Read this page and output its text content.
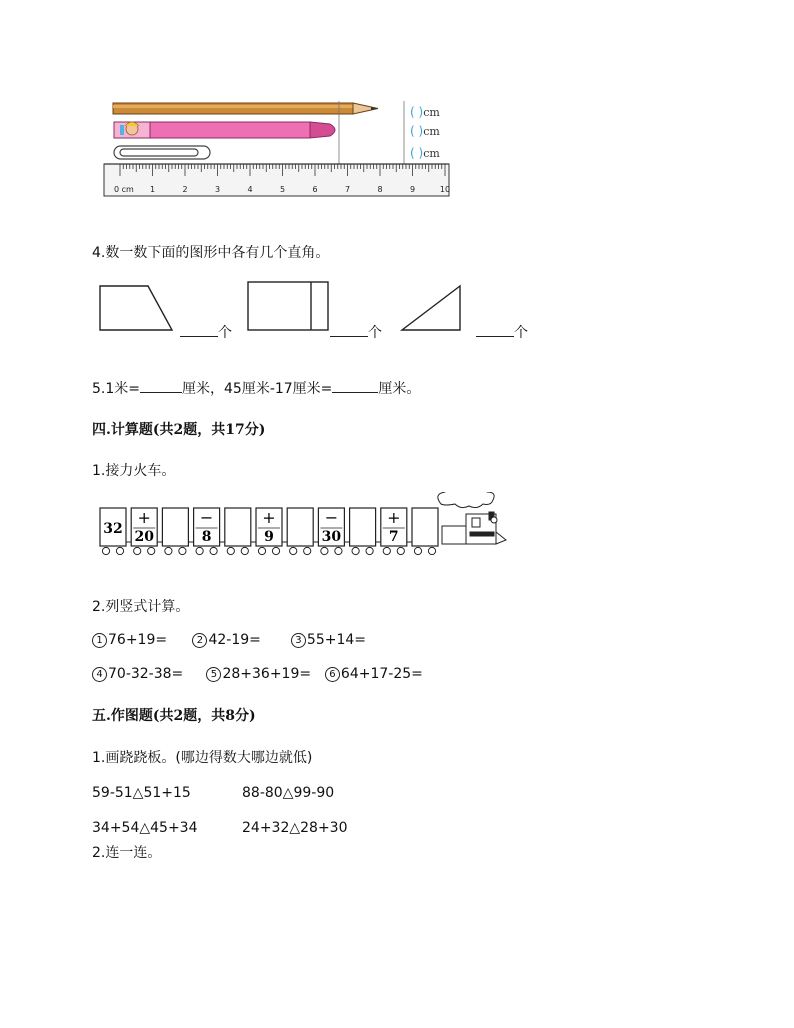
0 cm 1	2	3	4	5	6	7	8	9	10
( )cm
( )cm
( )cm
4.数一数下面的图形中各有几个直角。
个	个	个
5.1米=	厘米，45厘米-17厘米=	厘米。
四.计算题(共2题，共17分)
1.接力火车。
32
+
20
−
8
+
9
−
30
+
7
2.列竖式计算。
1 76+19=	2 42-19=	3 55+14=
4 70-32-38=	5 28+36+19= 6 64+17-25=
五.作图题(共2题，共8分)
1.画跷跷板。(哪边得数大哪边就低)
59-51△51+15	88-80△99-90
34+54△45+34	24+32△28+30
2.连一连。
